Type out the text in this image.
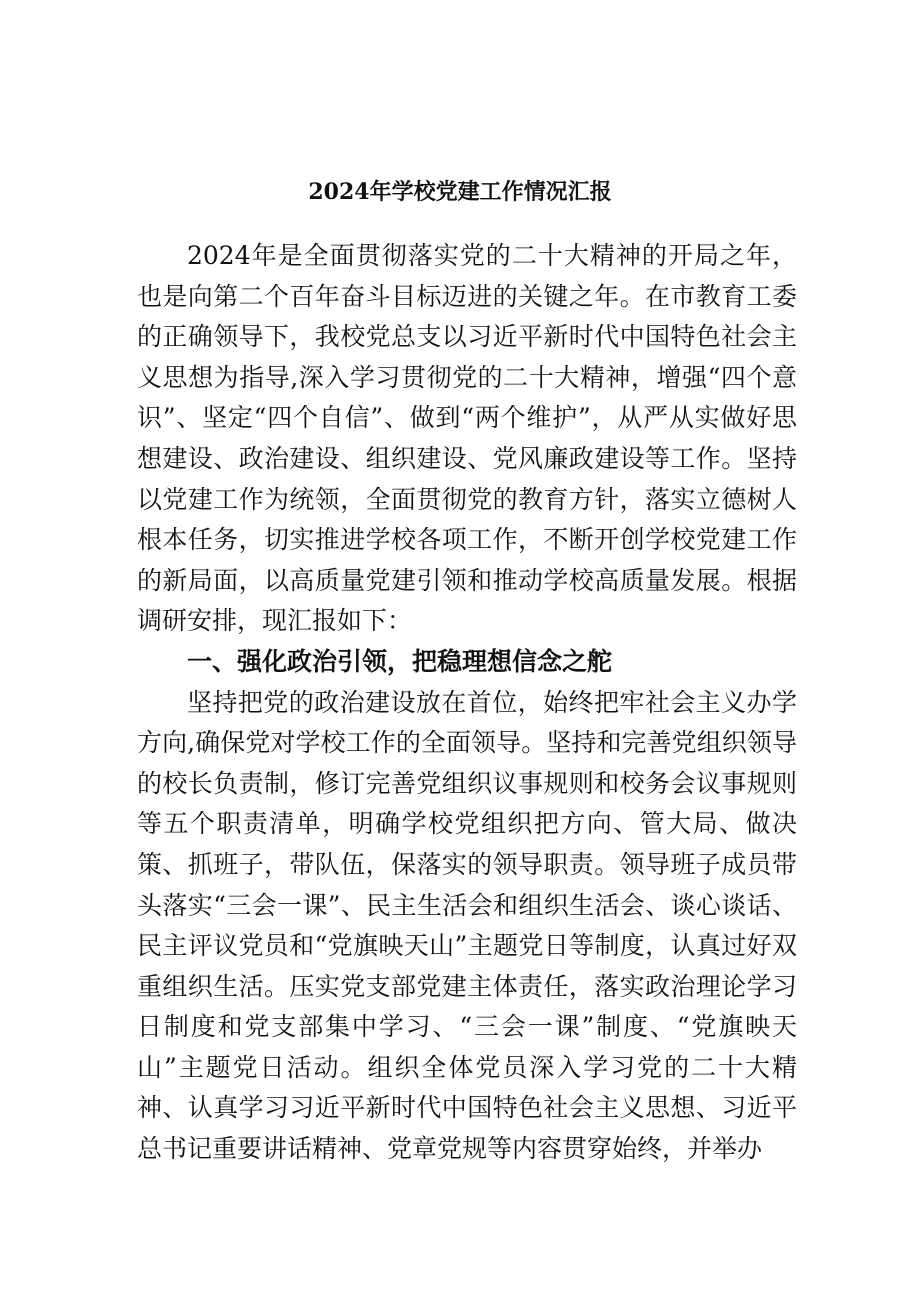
2024年学校党建工作情况汇报

2024年是全面贯彻落实党的二十大精神的开局之年，也是向第二个百年奋斗目标迈进的关键之年。在市教育工委的正确领导下，我校党总支以习近平新时代中国特色社会主义思想为指导,深入学习贯彻党的二十大精神，增强“四个意识”、坚定“四个自信”、做到“两个维护”，从严从实做好思想建设、政治建设、组织建设、党风廉政建设等工作。坚持以党建工作为统领，全面贯彻党的教育方针，落实立德树人根本任务，切实推进学校各项工作，不断开创学校党建工作的新局面，以高质量党建引领和推动学校高质量发展。根据调研安排，现汇报如下：

一、强化政治引领，把稳理想信念之舵

坚持把党的政治建设放在首位，始终把牢社会主义办学方向,确保党对学校工作的全面领导。坚持和完善党组织领导的校长负责制，修订完善党组织议事规则和校务会议事规则等五个职责清单，明确学校党组织把方向、管大局、做决策、抓班子，带队伍，保落实的领导职责。领导班子成员带头落实“三会一课”、民主生活会和组织生活会、谈心谈话、民主评议党员和“党旗映天山”主题党日等制度，认真过好双重组织生活。压实党支部党建主体责任，落实政治理论学习日制度和党支部集中学习、“三会一课”制度、“党旗映天山”主题党日活动。组织全体党员深入学习党的二十大精神、认真学习习近平新时代中国特色社会主义思想、习近平总书记重要讲话精神、党章党规等内容贯穿始终，并举办
